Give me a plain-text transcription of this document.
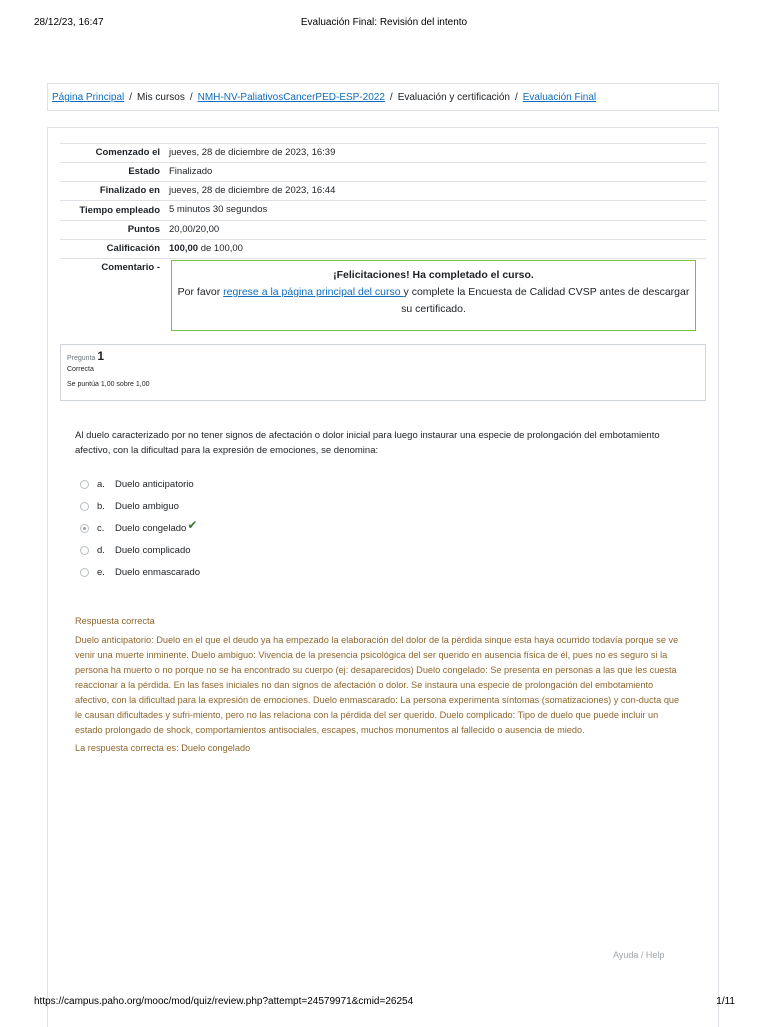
28/12/23, 16:47	Evaluación Final: Revisión del intento
Página Principal / Mis cursos / NMH-NV-PaliativosCancerPED-ESP-2022 / Evaluación y certificación / Evaluación Final
Comenzado el	jueves, 28 de diciembre de 2023, 16:39
Estado	Finalizado
Finalizado en	jueves, 28 de diciembre de 2023, 16:44
Tiempo empleado	5 minutos 30 segundos
Puntos	20,00/20,00
Calificación	100,00 de 100,00
Comentario -	
¡Felicitaciones! Ha completado el curso.
Por favor regrese a la página principal del curso y complete la Encuesta de Calidad CVSP antes de descargar su certificado.
Pregunta 1
Correcta
Se puntúa 1,00 sobre 1,00
Al duelo caracterizado por no tener signos de afectación o dolor inicial para luego instaurar una especie de prolongación del embotamiento afectivo, con la dificultad para la expresión de emociones, se denomina:
a.	Duelo anticipatorio
b.	Duelo ambiguo
c.	Duelo congelado ✔
d.	Duelo complicado
e.	Duelo enmascarado
Respuesta correcta

Duelo anticipatorio: Duelo en el que el deudo ya ha empezado la elaboración del dolor de la pérdida sinque esta haya ocurrido todavía porque se ve venir una muerte inminente. Duelo ambiguo: Vivencia de la presencia psicológica del ser querido en ausencia física de él, pues no es seguro si la persona ha muerto o no porque no se ha encontrado su cuerpo (ej: desaparecidos) Duelo congelado: Se presenta en personas a las que les cuesta reaccionar a la pérdida. En las fases iniciales no dan signos de afectación o dolor. Se instaura una especie de prolongación del embotamiento afectivo, con la dificultad para la expresión de emociones. Duelo enmascarado: La persona experimenta síntomas (somatizaciones) y con-ducta que le causan dificultades y sufri-miento, pero no las relaciona con la pérdida del ser querido. Duelo complicado: Tipo de duelo que puede incluir un estado prolongado de shock, comportamientos antisociales, escapes, muchos monumentos al fallecido o ausencia de miedo.

La respuesta correcta es: Duelo congelado
Ayuda / Help
https://campus.paho.org/mooc/mod/quiz/review.php?attempt=24579971&cmid=26254	1/11
